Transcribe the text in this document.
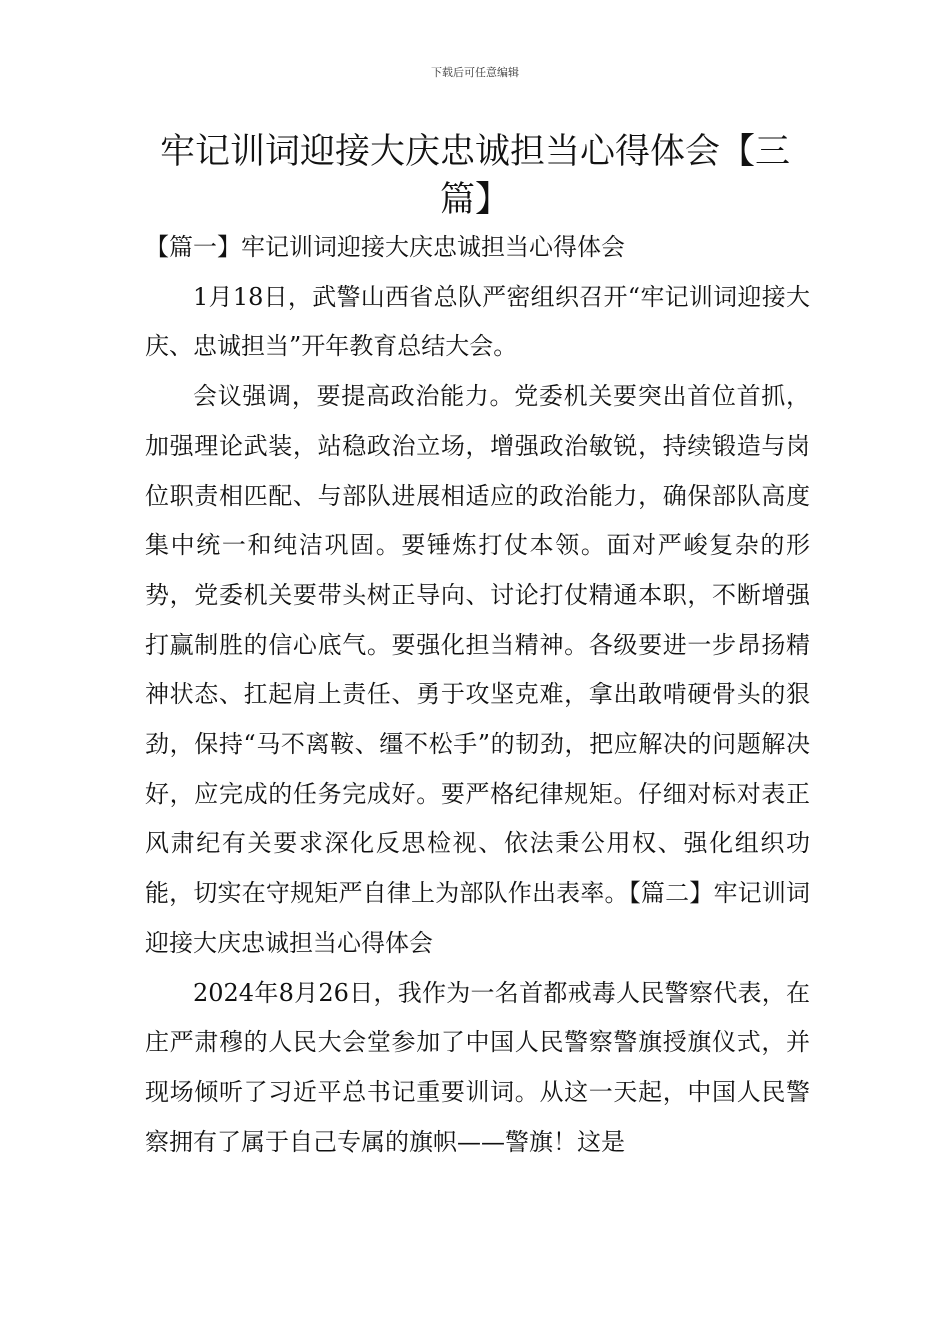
下载后可任意编辑
牢记训词迎接大庆忠诚担当心得体会【三
篇】

【篇一】牢记训词迎接大庆忠诚担当心得体会

1月18日，武警山西省总队严密组织召开“牢记训词迎接大庆、忠诚担当”开年教育总结大会。

会议强调，要提高政治能力。党委机关要突出首位首抓，加强理论武装，站稳政治立场，增强政治敏锐，持续锻造与岗位职责相匹配、与部队进展相适应的政治能力，确保部队高度集中统一和纯洁巩固。要锤炼打仗本领。面对严峻复杂的形势，党委机关要带头树正导向、讨论打仗精通本职，不断增强打赢制胜的信心底气。要强化担当精神。各级要进一步昂扬精神状态、扛起肩上责任、勇于攻坚克难，拿出敢啃硬骨头的狠劲，保持“马不离鞍、缰不松手”的韧劲，把应解决的问题解决好，应完成的任务完成好。要严格纪律规矩。仔细对标对表正风肃纪有关要求深化反思检视、依法秉公用权、强化组织功能，切实在守规矩严自律上为部队作出表率。【篇二】牢记训词迎接大庆忠诚担当心得体会

2024年8月26日，我作为一名首都戒毒人民警察代表，在庄严肃穆的人民大会堂参加了中国人民警察警旗授旗仪式，并现场倾听了习近平总书记重要训词。从这一天起，中国人民警察拥有了属于自己专属的旗帜——警旗！这是
